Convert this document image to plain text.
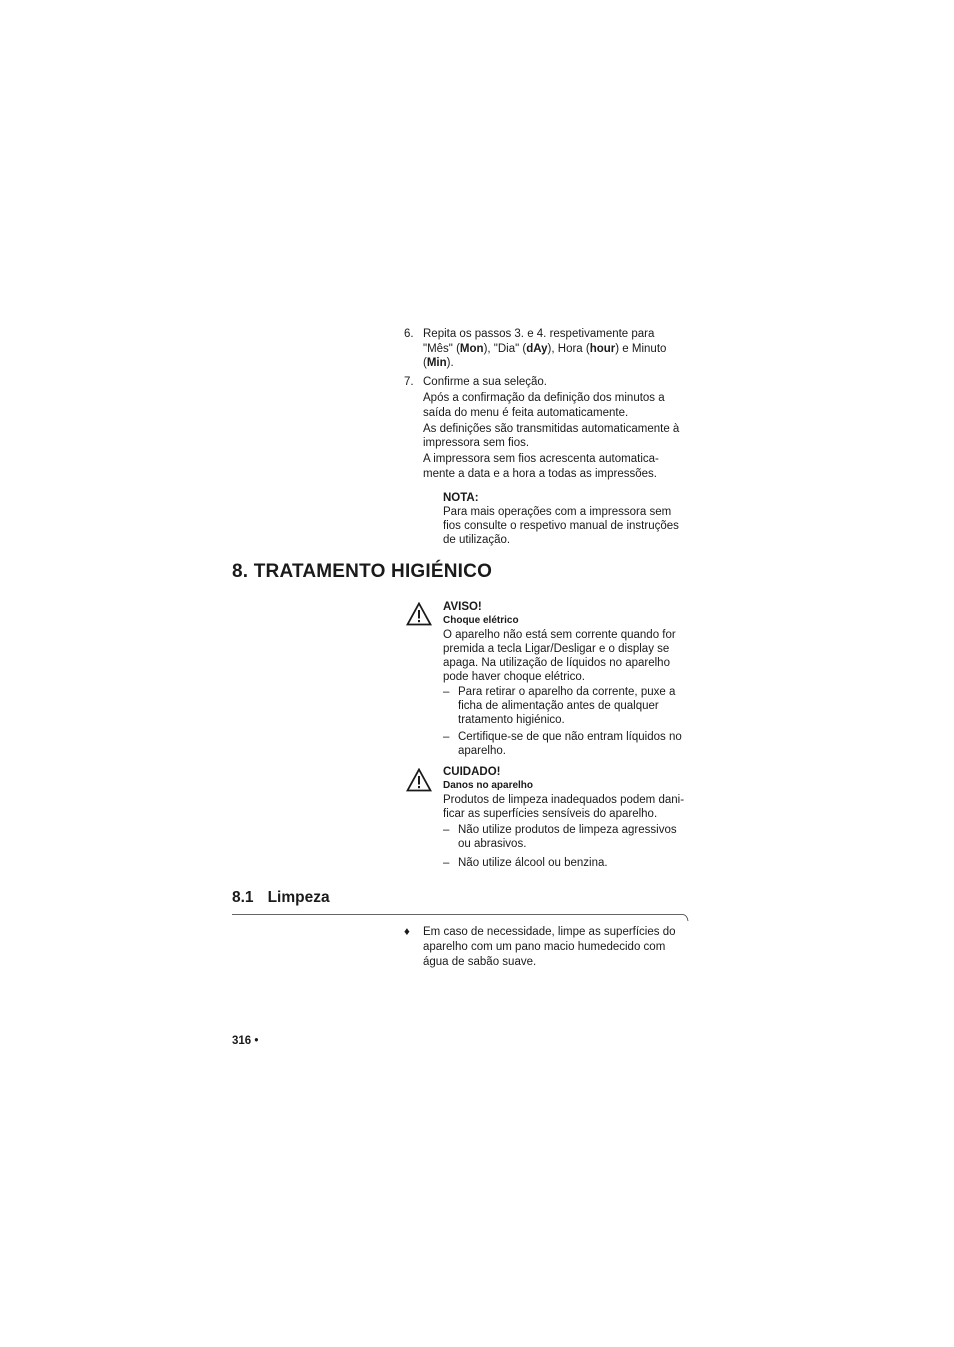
6. Repita os passos 3. e 4. respetivamente para
"Mês" (Mon), "Dia" (dAy), Hora (hour) e Minuto
(Min).
7. Confirme a sua seleção.
Após a confirmação da definição dos minutos a
saída do menu é feita automaticamente.
As definições são transmitidas automaticamente à
impressora sem fios.
A impressora sem fios acrescenta automatica-
mente a data e a hora a todas as impressões.
NOTA:
Para mais operações com a impressora sem
fios consulte o respetivo manual de instruções
de utilização.
8. TRATAMENTO HIGIÉNICO
AVISO!
Choque elétrico
O aparelho não está sem corrente quando for
premida a tecla Ligar/Desligar e o display se
apaga. Na utilização de líquidos no aparelho
pode haver choque elétrico.
– Para retirar o aparelho da corrente, puxe a
ficha de alimentação antes de qualquer
tratamento higiénico.
– Certifique-se de que não entram líquidos no
aparelho.
CUIDADO!
Danos no aparelho
Produtos de limpeza inadequados podem dani-
ficar as superfícies sensíveis do aparelho.
– Não utilize produtos de limpeza agressivos
ou abrasivos.
– Não utilize álcool ou benzina.
8.1 Limpeza
♦ Em caso de necessidade, limpe as superfícies do
aparelho com um pano macio humedecido com
água de sabão suave.
316 •
